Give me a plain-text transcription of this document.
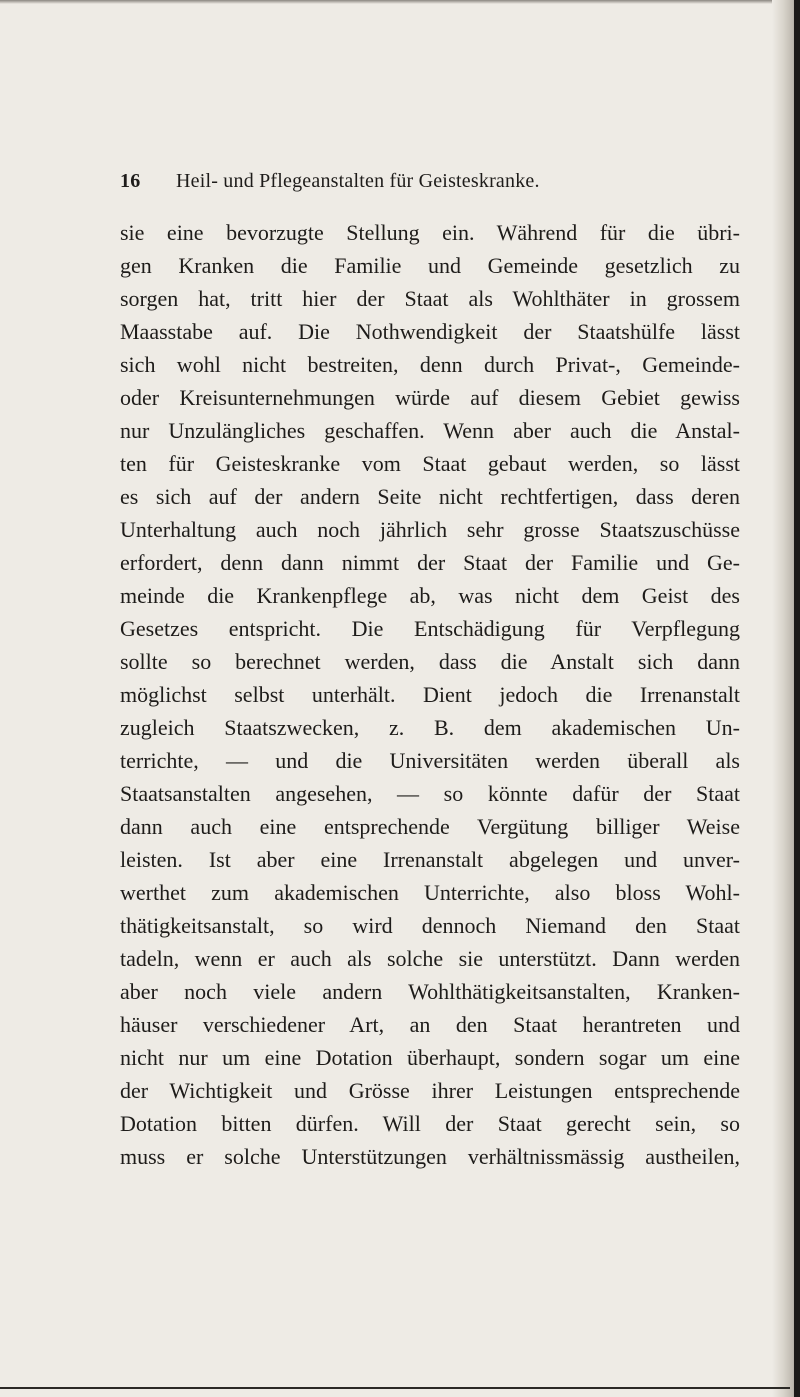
16 Heil- und Pflegeanstalten für Geisteskranke.
sie eine bevorzugte Stellung ein. Während für die übri-
gen Kranken die Familie und Gemeinde gesetzlich zu
sorgen hat, tritt hier der Staat als Wohlthäter in grossem
Maasstabe auf. Die Nothwendigkeit der Staatshülfe lässt
sich wohl nicht bestreiten, denn durch Privat-, Gemeinde-
oder Kreisunternehmungen würde auf diesem Gebiet gewiss
nur Unzulängliches geschaffen. Wenn aber auch die Anstal-
ten für Geisteskranke vom Staat gebaut werden, so lässt
es sich auf der andern Seite nicht rechtfertigen, dass deren
Unterhaltung auch noch jährlich sehr grosse Staatszuschüsse
erfordert, denn dann nimmt der Staat der Familie und Ge-
meinde die Krankenpflege ab, was nicht dem Geist des
Gesetzes entspricht. Die Entschädigung für Verpflegung
sollte so berechnet werden, dass die Anstalt sich dann
möglichst selbst unterhält. Dient jedoch die Irrenanstalt
zugleich Staatszwecken, z. B. dem akademischen Un-
terrichte, — und die Universitäten werden überall als
Staatsanstalten angesehen, — so könnte dafür der Staat
dann auch eine entsprechende Vergütung billiger Weise
leisten. Ist aber eine Irrenanstalt abgelegen und unver-
werthet zum akademischen Unterrichte, also bloss Wohl-
thätigkeitsanstalt, so wird dennoch Niemand den Staat
tadeln, wenn er auch als solche sie unterstützt. Dann werden
aber noch viele andern Wohlthätigkeitsanstalten, Kranken-
häuser verschiedener Art, an den Staat herantreten und
nicht nur um eine Dotation überhaupt, sondern sogar um eine
der Wichtigkeit und Grösse ihrer Leistungen entsprechende
Dotation bitten dürfen. Will der Staat gerecht sein, so
muss er solche Unterstützungen verhältnissmässig austheilen,
